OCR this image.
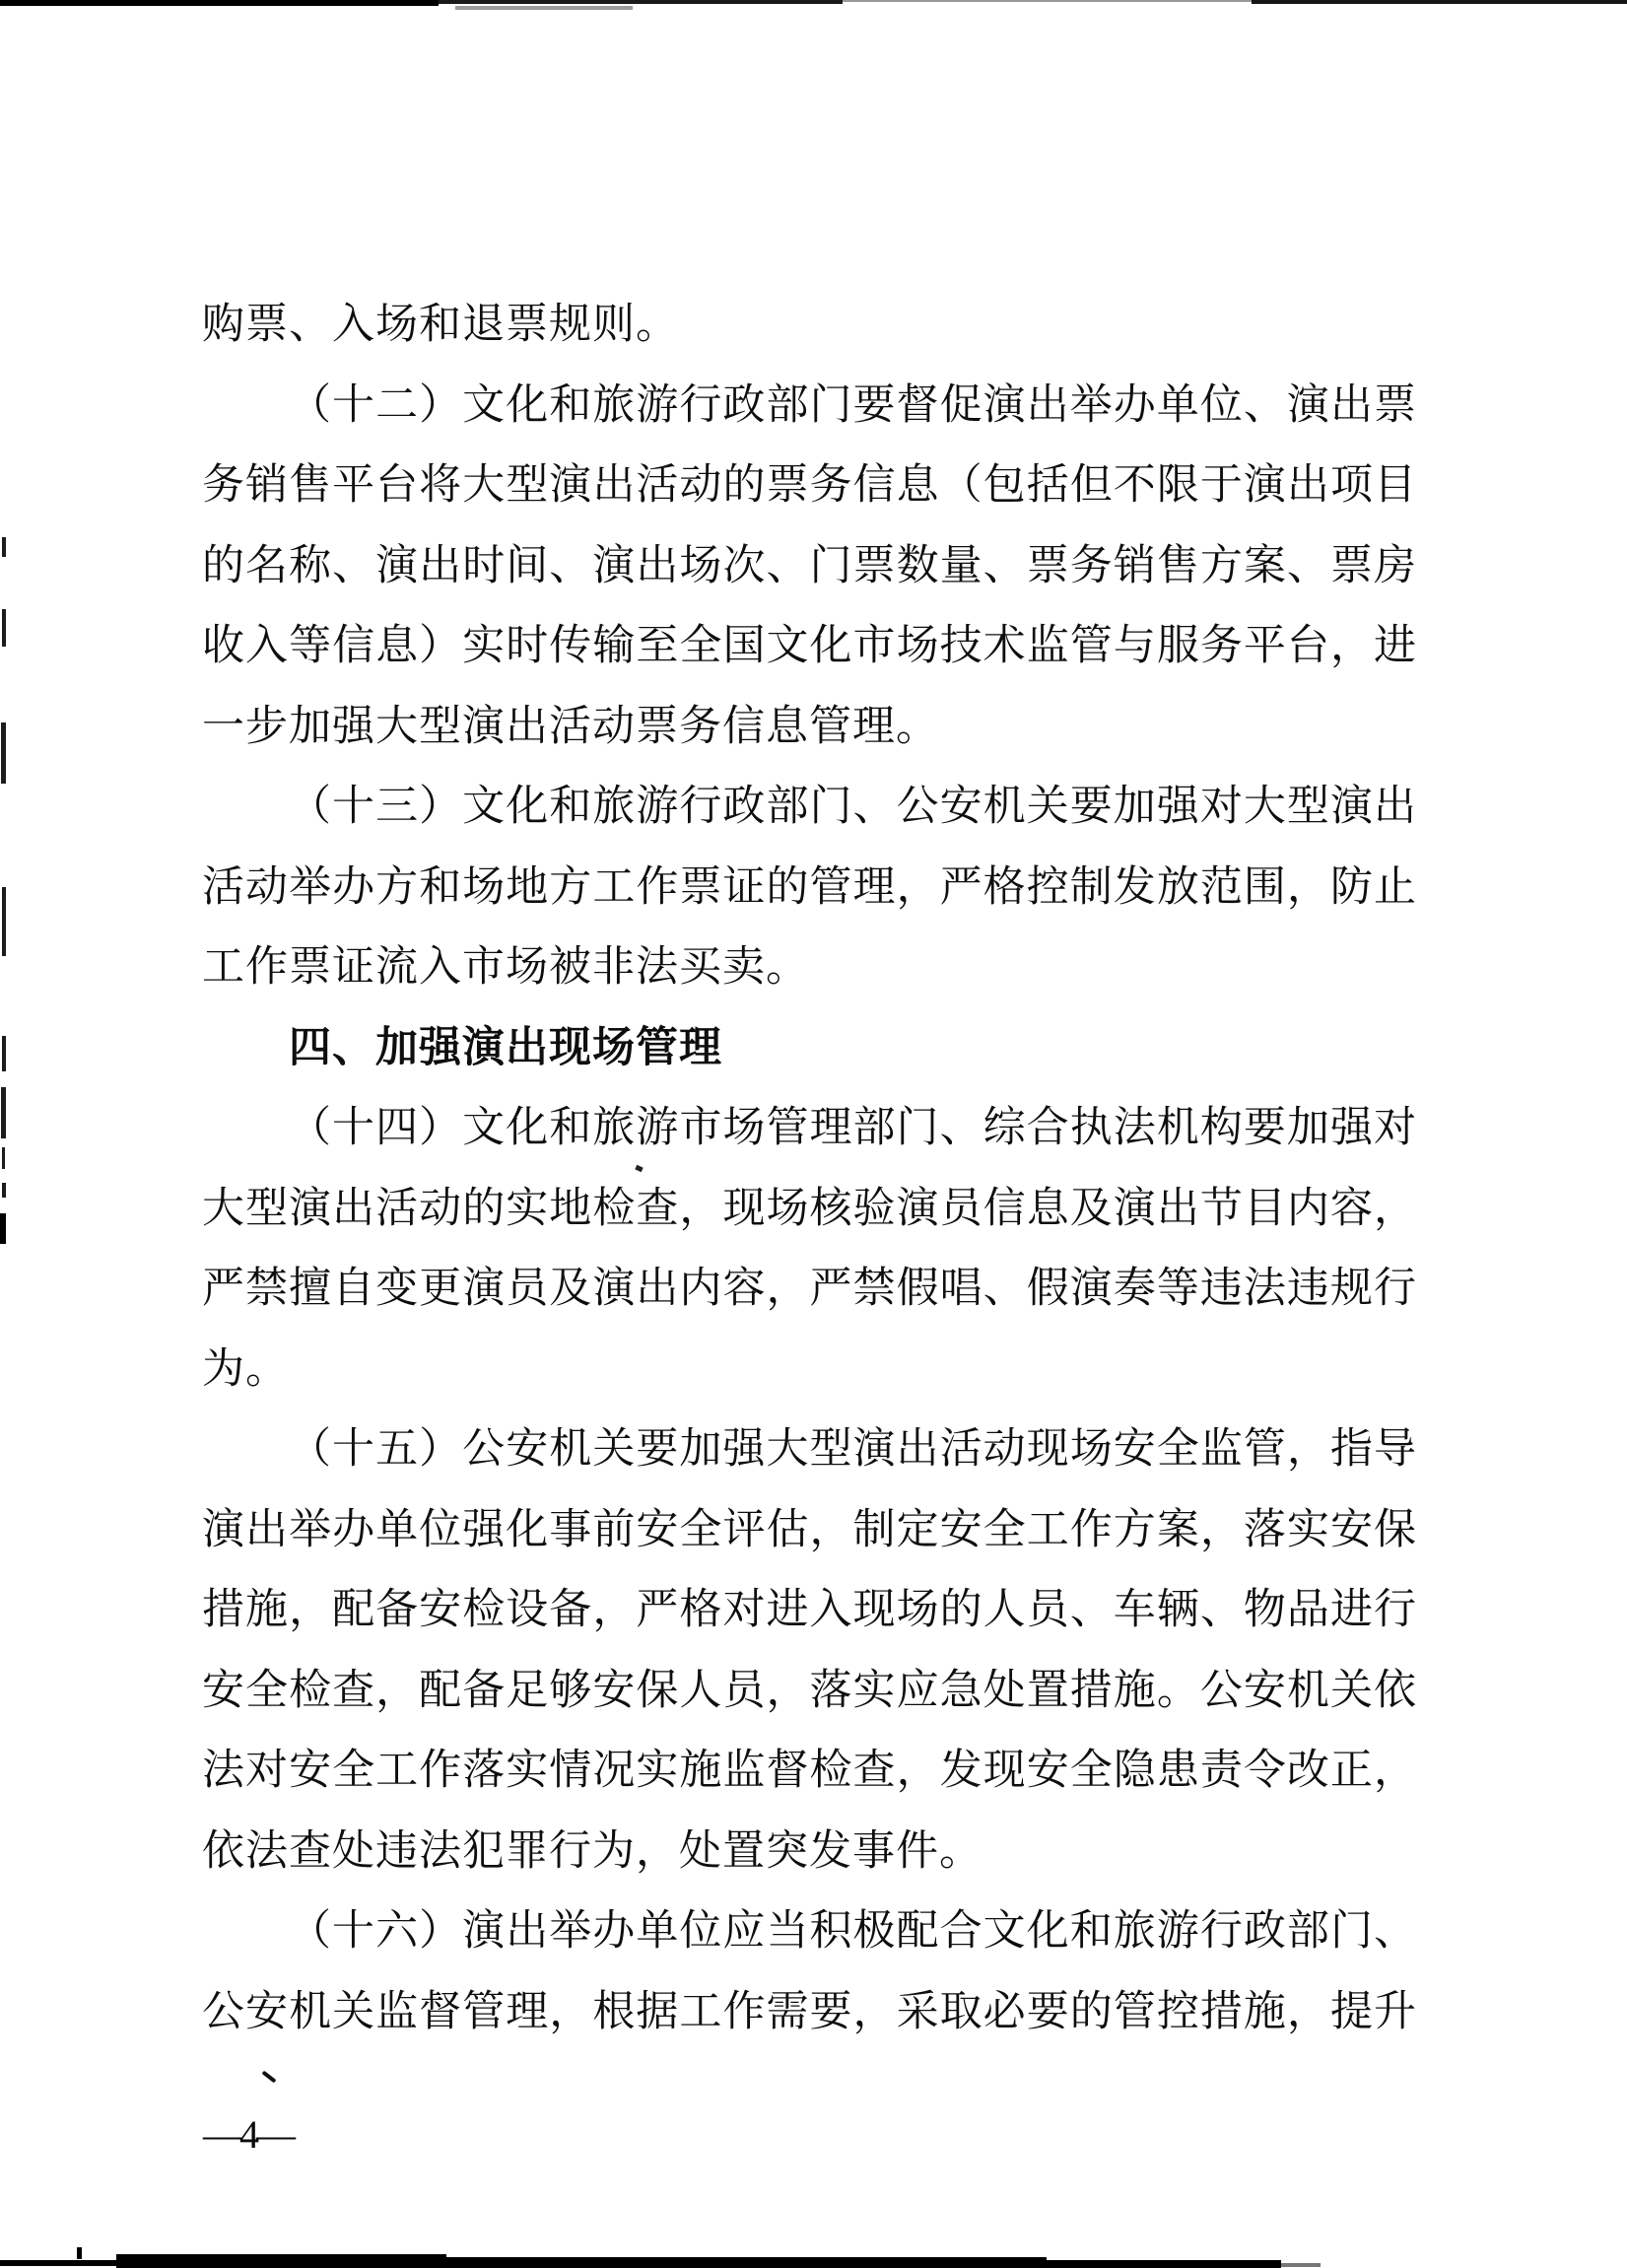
购票、入场和退票规则。
（十二）文化和旅游行政部门要督促演出举办单位、演出票
务销售平台将大型演出活动的票务信息（包括但不限于演出项目
的名称、演出时间、演出场次、门票数量、票务销售方案、票房
收入等信息）实时传输至全国文化市场技术监管与服务平台，进
一步加强大型演出活动票务信息管理。
（十三）文化和旅游行政部门、公安机关要加强对大型演出
活动举办方和场地方工作票证的管理，严格控制发放范围，防止
工作票证流入市场被非法买卖。
四、加强演出现场管理
（十四）文化和旅游市场管理部门、综合执法机构要加强对
大型演出活动的实地检查，现场核验演员信息及演出节目内容，
严禁擅自变更演员及演出内容，严禁假唱、假演奏等违法违规行
为。
（十五）公安机关要加强大型演出活动现场安全监管，指导
演出举办单位强化事前安全评估，制定安全工作方案，落实安保
措施，配备安检设备，严格对进入现场的人员、车辆、物品进行
安全检查，配备足够安保人员，落实应急处置措施。公安机关依
法对安全工作落实情况实施监督检查，发现安全隐患责令改正，
依法查处违法犯罪行为，处置突发事件。
（十六）演出举办单位应当积极配合文化和旅游行政部门、
公安机关监督管理，根据工作需要，采取必要的管控措施，提升
—4—
